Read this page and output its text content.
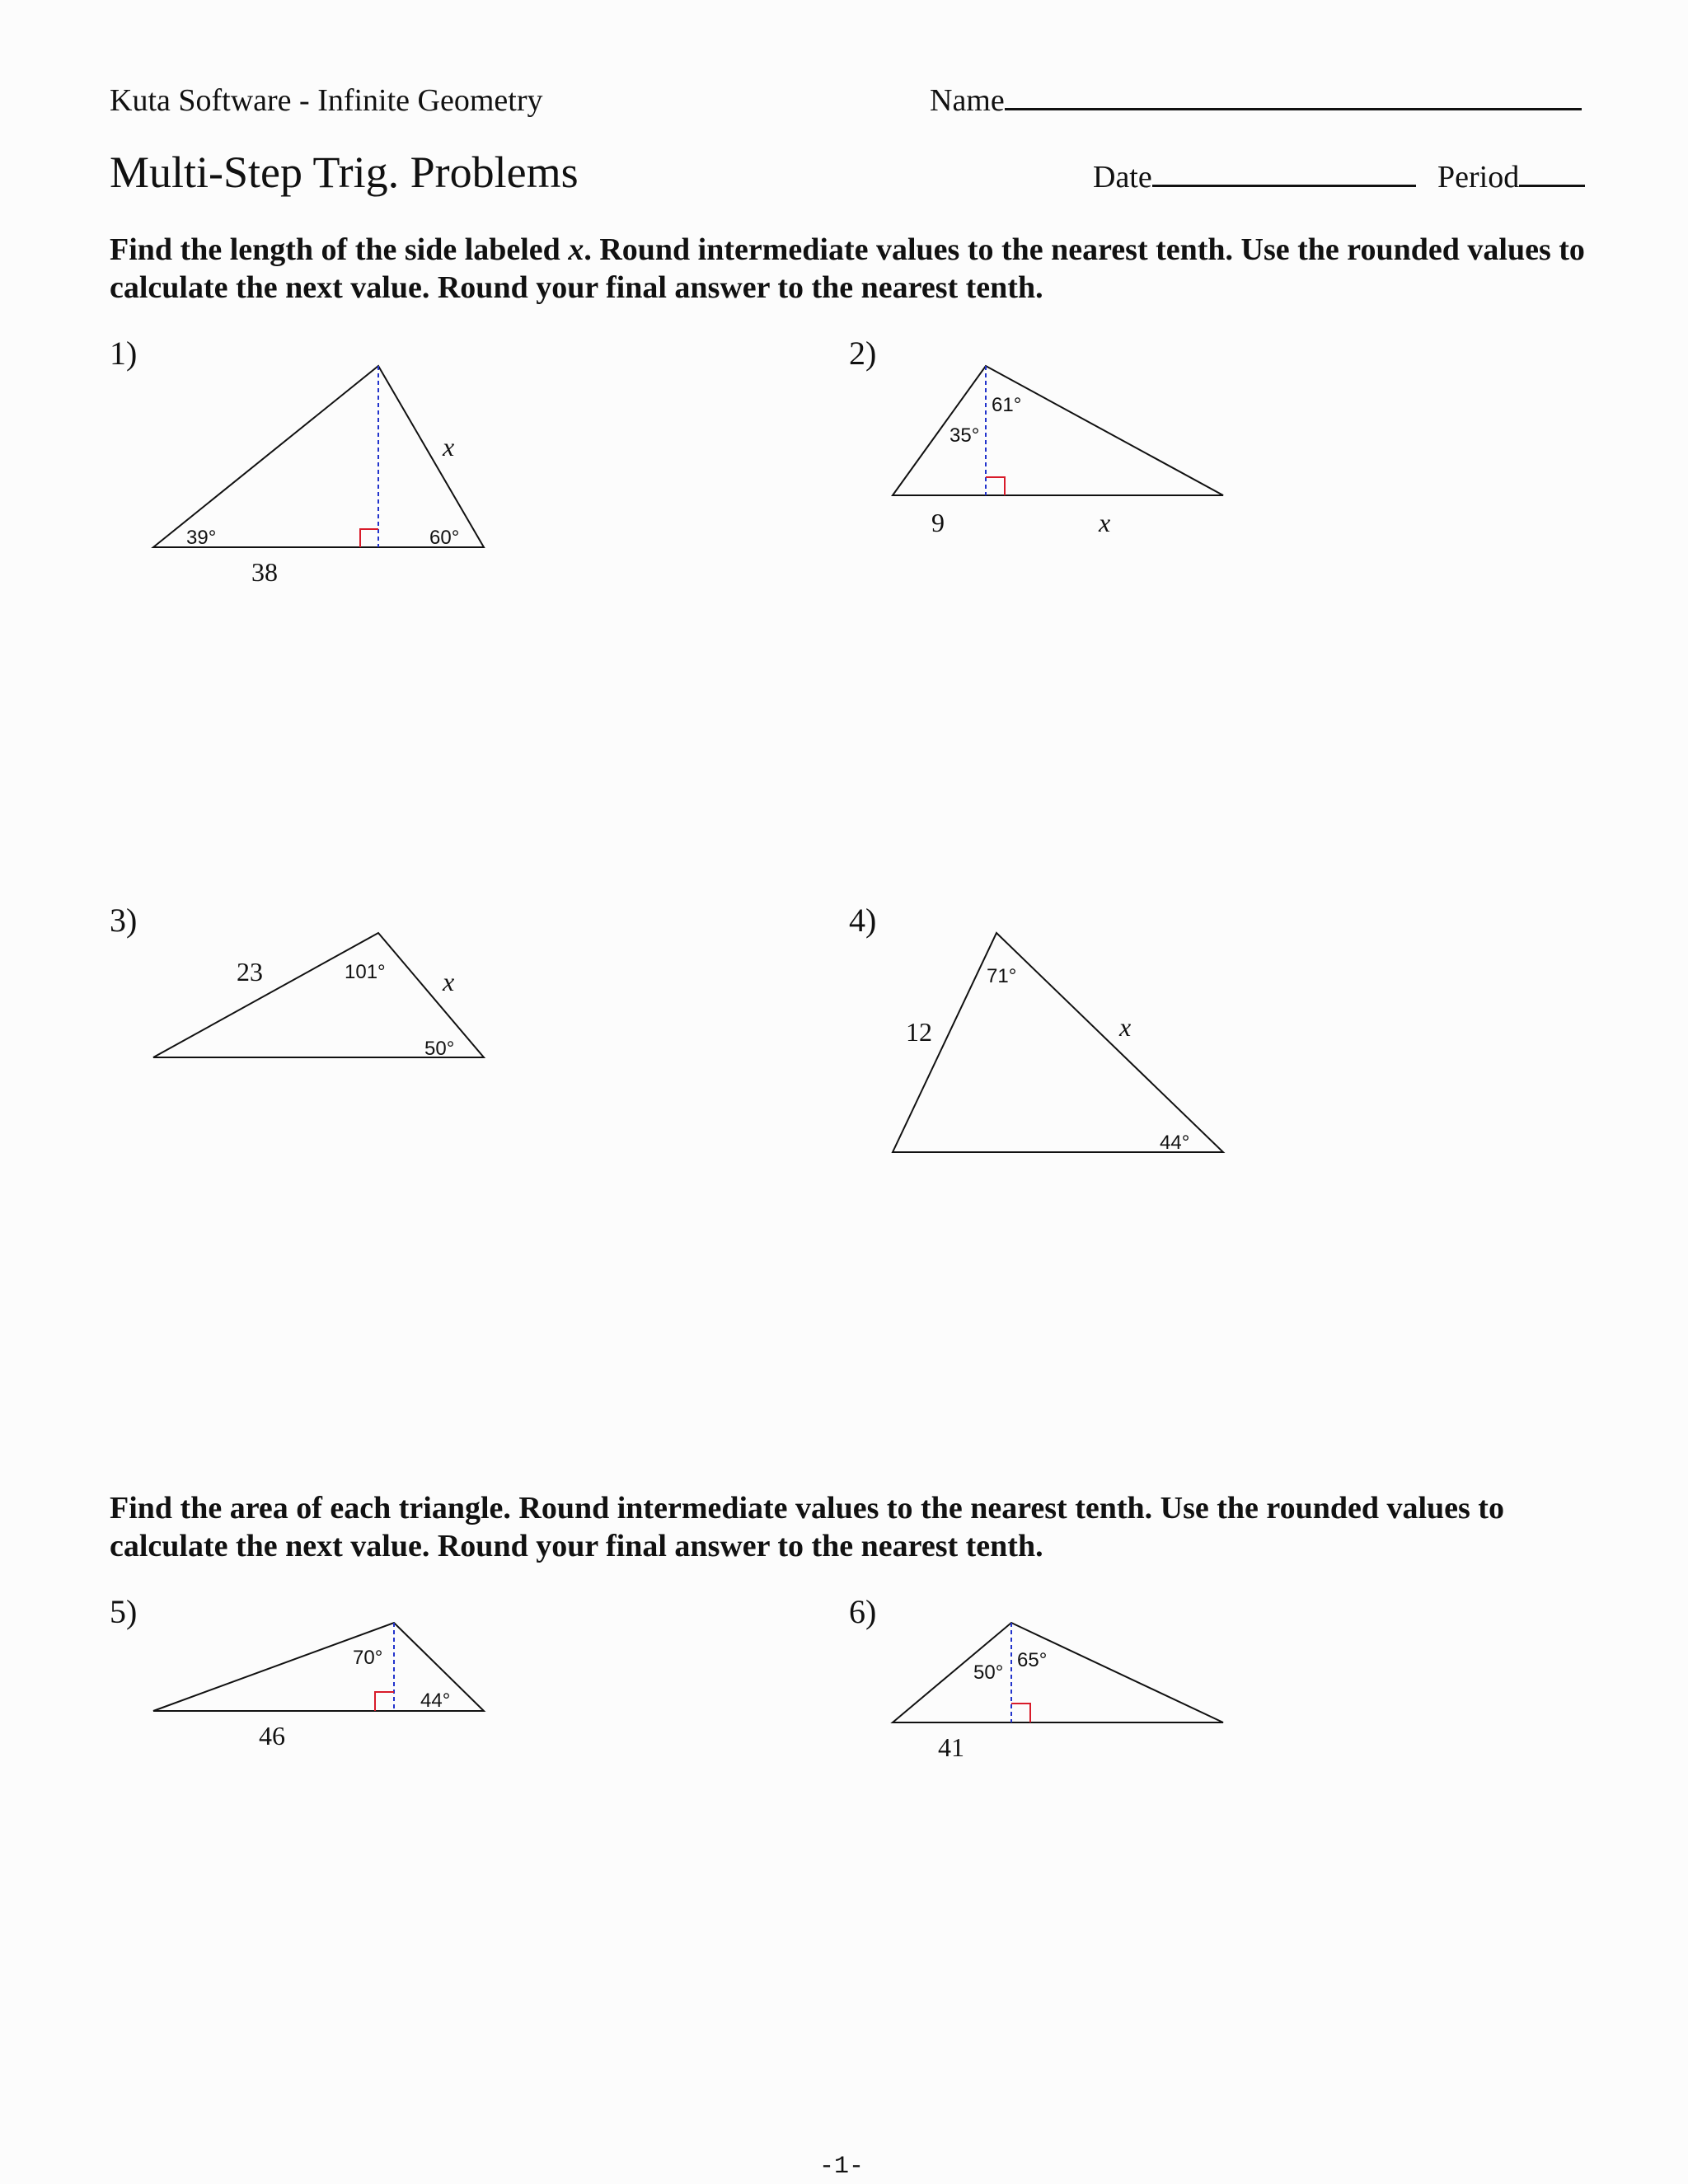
Kuta Software - Infinite Geometry	Name
Multi-Step Trig. Problems	Date	Period
Find the length of the side labeled x. Round intermediate values to the nearest tenth. Use the rounded values to calculate the next value. Round your final answer to the nearest tenth.
1)
39°	60°
38
x
2)
35°
61°
9	x
3)
23	101° x
50°
4)
12
71°
x
44°
Find the area of each triangle. Round intermediate values to the nearest tenth. Use the rounded values to calculate the next value. Round your final answer to the nearest tenth.
5)
70°
44°
46
6)
50°
65°
41
-1-
